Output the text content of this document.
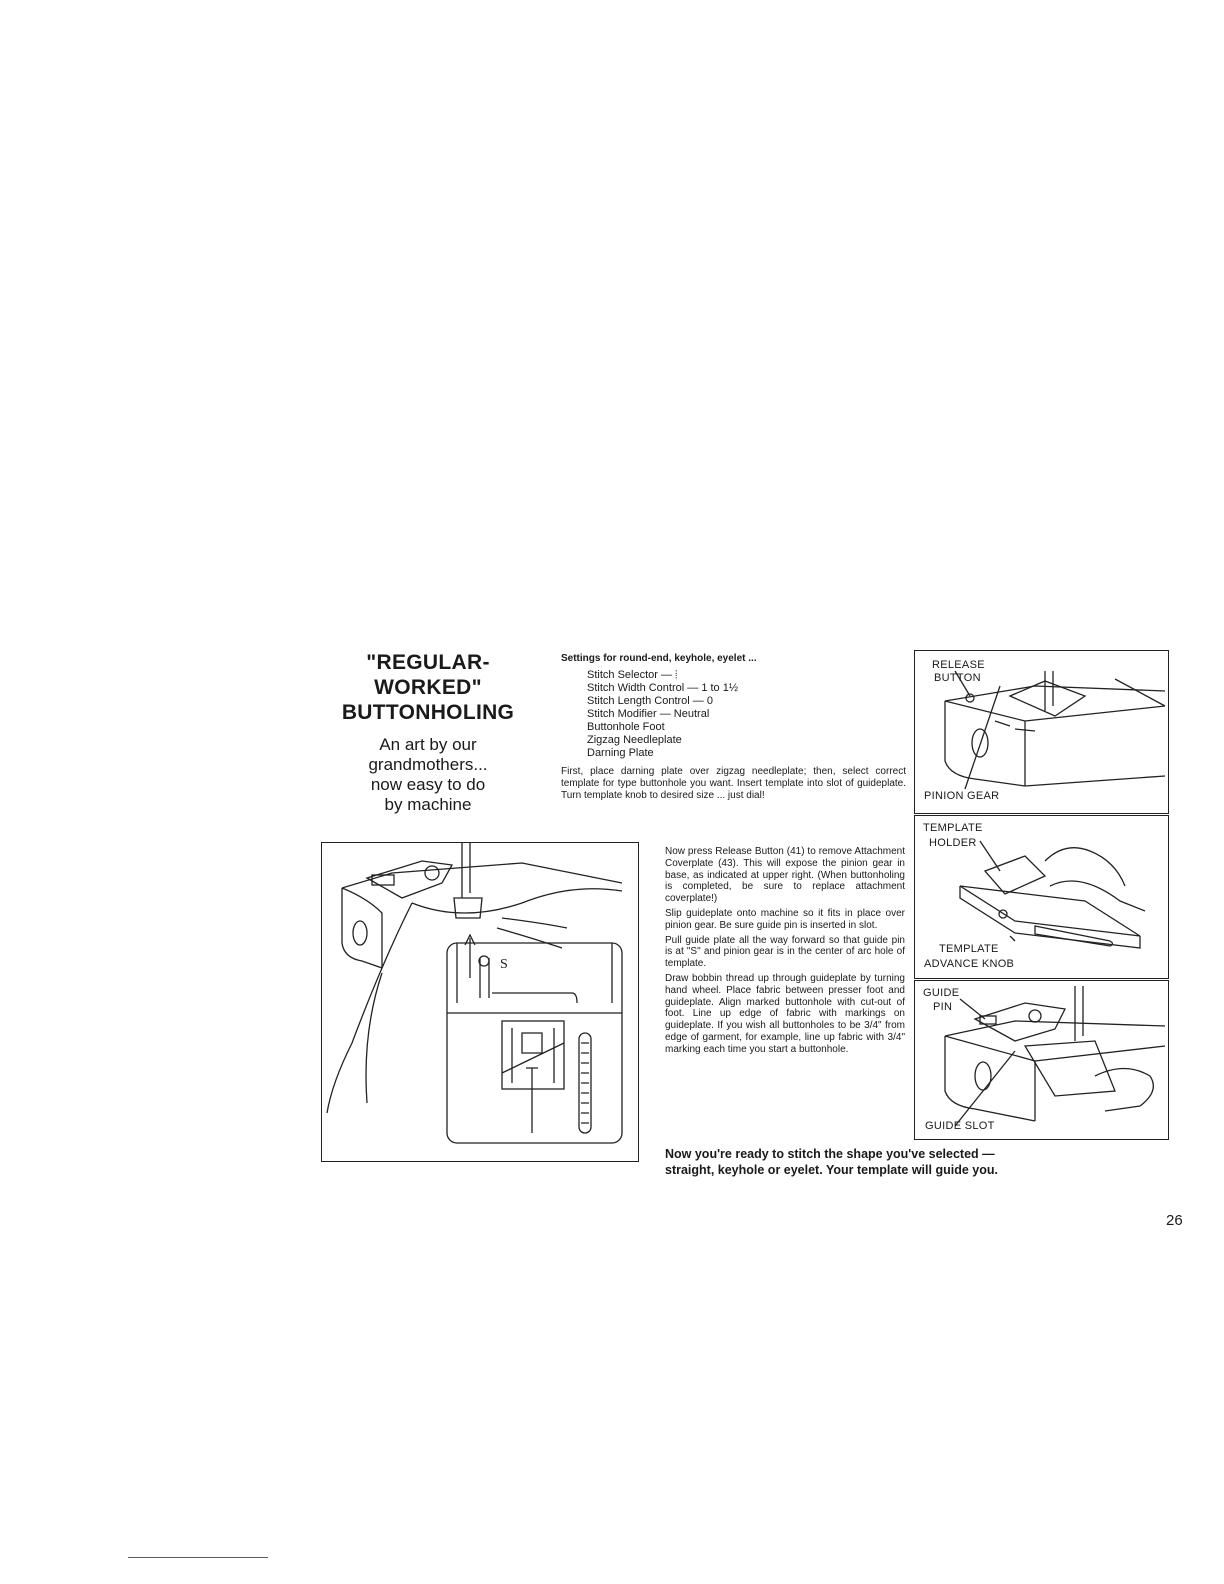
"REGULAR-
WORKED"
BUTTONHOLING
An art by our
grandmothers...
now easy to do
by machine
Settings for round-end, keyhole, eyelet ...
Stitch Selector — ⦙
Stitch Width Control — 1 to 1½
Stitch Length Control — 0
Stitch Modifier — Neutral
Buttonhole Foot
Zigzag Needleplate
Darning Plate
First, place darning plate over zigzag needleplate; then, select correct template for type buttonhole you want. Insert template into slot of guideplate. Turn template knob to desired size ... just dial!

Now press Release Button (41) to remove Attachment Coverplate (43). This will expose the pinion gear in base, as indicated at upper right. (When buttonholing is completed, be sure to replace attachment coverplate!)

Slip guideplate onto machine so it fits in place over pinion gear. Be sure guide pin is inserted in slot.

Pull guide plate all the way forward so that guide pin is at "S" and pinion gear is in the center of arc hole of template.

Draw bobbin thread up through guideplate by turning hand wheel. Place fabric between presser foot and guideplate. Align marked buttonhole with cut-out of foot. Line up edge of fabric with markings on guideplate. If you wish all buttonholes to be 3/4" from edge of garment, for example, line up fabric with 3/4" marking each time you start a buttonhole.

Now you're ready to stitch the shape you've selected —
straight, keyhole or eyelet. Your template will guide you.
26
S
RELEASE
BUTTON
PINION GEAR
TEMPLATE
HOLDER
TEMPLATE
ADVANCE KNOB
GUIDE
PIN
GUIDE SLOT
